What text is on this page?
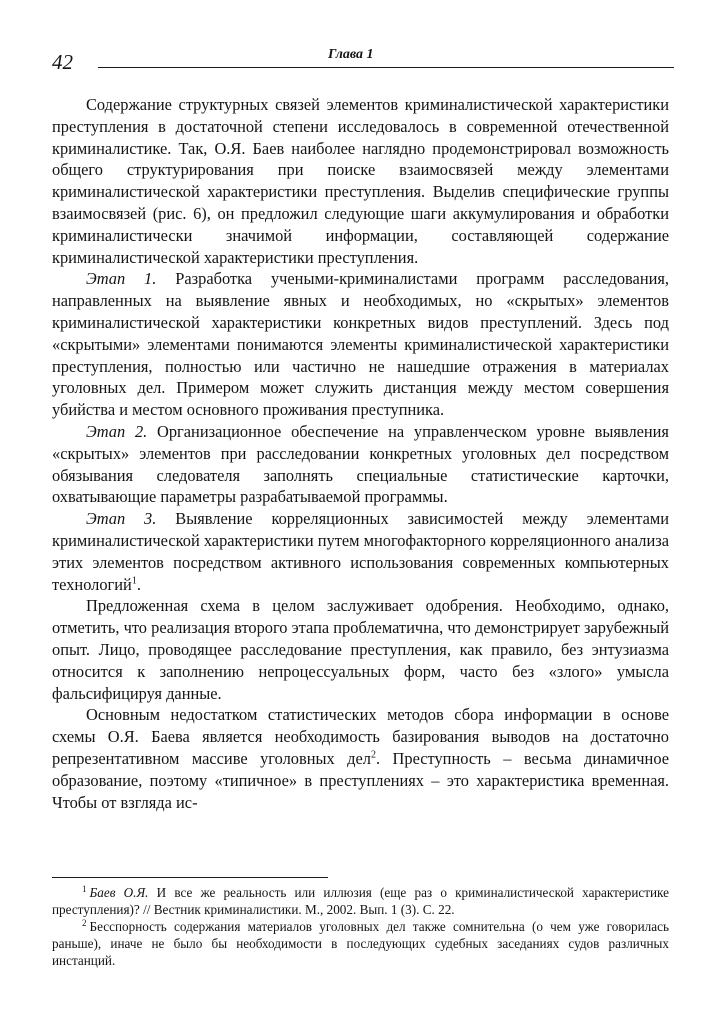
42	Глава 1

Содержание структурных связей элементов криминалистической характеристики преступления в достаточной степени исследовалось в современной отечественной криминалистике. Так, О.Я. Баев наиболее наглядно продемонстрировал возможность общего структурирования при поиске взаимосвязей между элементами криминалистической характеристики преступления. Выделив специфические группы взаимосвязей (рис. 6), он предложил следующие шаги аккумулирования и обработки криминалистически значимой информации, составляющей содержание криминалистической характеристики преступления.

Этап 1. Разработка учеными-криминалистами программ расследования, направленных на выявление явных и необходимых, но «скрытых» элементов криминалистической характеристики конкретных видов преступлений. Здесь под «скрытыми» элементами понимаются элементы криминалистической характеристики преступления, полностью или частично не нашедшие отражения в материалах уголовных дел. Примером может служить дистанция между местом совершения убийства и местом основного проживания преступника.

Этап 2. Организационное обеспечение на управленческом уровне выявления «скрытых» элементов при расследовании конкретных уголовных дел посредством обязывания следователя заполнять специальные статистические карточки, охватывающие параметры разрабатываемой программы.

Этап 3. Выявление корреляционных зависимостей между элементами криминалистической характеристики путем многофакторного корреляционного анализа этих элементов посредством активного использования современных компьютерных технологий$^1$.

Предложенная схема в целом заслуживает одобрения. Необходимо, однако, отметить, что реализация второго этапа проблематична, что демонстрирует зарубежный опыт. Лицо, проводящее расследование преступления, как правило, без энтузиазма относится к заполнению непроцессуальных форм, часто без «злого» умысла фальсифицируя данные.

Основным недостатком статистических методов сбора информации в основе схемы О.Я. Баева является необходимость базирования выводов на достаточно репрезентативном массиве уголовных дел$^2$. Преступность – весьма динамичное образование, поэтому «типичное» в преступлениях – это характеристика временная. Чтобы от взгляда ис-

$^1$ Баев О.Я. И все же реальность или иллюзия (еще раз о криминалистической характеристике преступления)? // Вестник криминалистики. М., 2002. Вып. 1 (3). С. 22.

$^2$ Бесспорность содержания материалов уголовных дел также сомнительна (о чем уже говорилась раньше), иначе не было бы необходимости в последующих судебных заседаниях судов различных инстанций.
